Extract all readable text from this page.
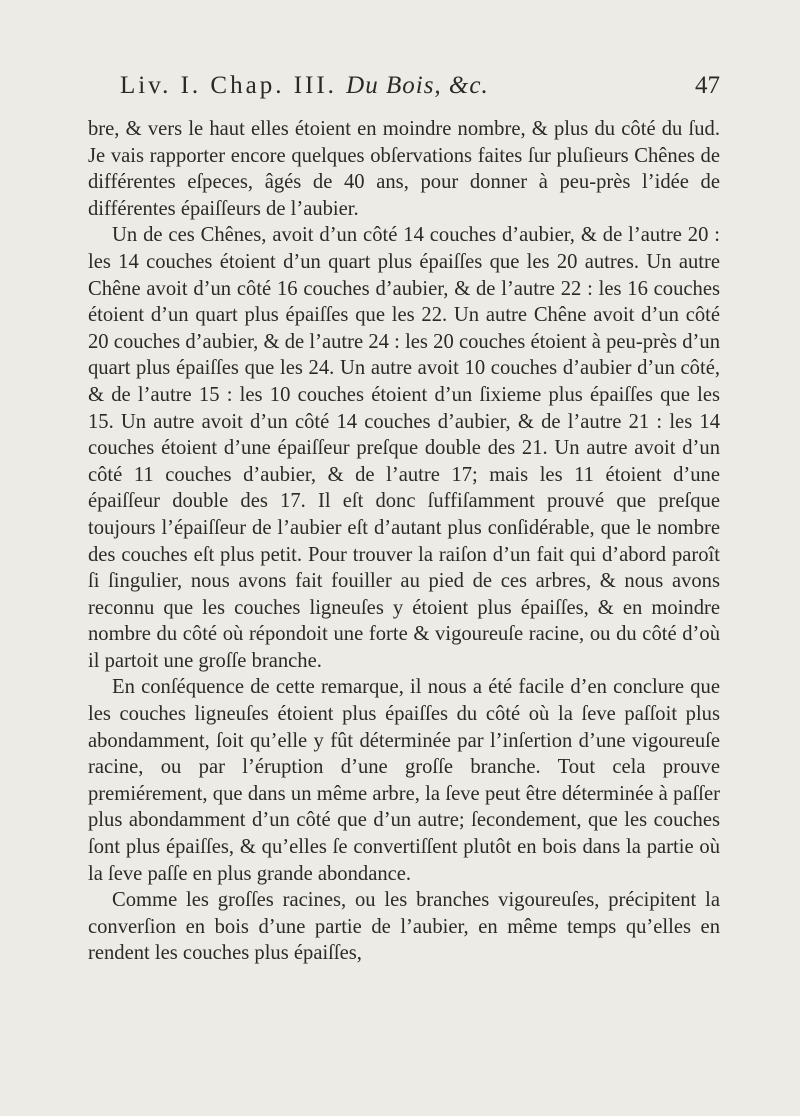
Liv. I. Chap. III. Du Bois, &c.	47

bre, & vers le haut elles étoient en moindre nombre, & plus du côté du ſud. Je vais rapporter encore quelques obſervations faites ſur pluſieurs Chênes de différentes eſpeces, âgés de 40 ans, pour donner à peu-près l’idée de différentes épaiſſeurs de l’aubier.

Un de ces Chênes, avoit d’un côté 14 couches d’aubier, & de l’autre 20 : les 14 couches étoient d’un quart plus épaiſſes que les 20 autres. Un autre Chêne avoit d’un côté 16 couches d’aubier, & de l’autre 22 : les 16 couches étoient d’un quart plus épaiſſes que les 22. Un autre Chêne avoit d’un côté 20 couches d’aubier, & de l’autre 24 : les 20 couches étoient à peu-près d’un quart plus épaiſſes que les 24. Un autre avoit 10 couches d’aubier d’un côté, & de l’autre 15 : les 10 couches étoient d’un ſixieme plus épaiſſes que les 15. Un autre avoit d’un côté 14 couches d’aubier, & de l’autre 21 : les 14 couches étoient d’une épaiſſeur preſque double des 21. Un autre avoit d’un côté 11 couches d’aubier, & de l’autre 17; mais les 11 étoient d’une épaiſſeur double des 17. Il eſt donc ſuffiſamment prouvé que preſque toujours l’épaiſſeur de l’aubier eſt d’autant plus conſidérable, que le nombre des couches eſt plus petit. Pour trouver la raiſon d’un fait qui d’abord paroît ſi ſingulier, nous avons fait fouiller au pied de ces arbres, & nous avons reconnu que les couches ligneuſes y étoient plus épaiſſes, & en moindre nombre du côté où répondoit une forte & vigoureuſe racine, ou du côté d’où il partoit une groſſe branche.

En conſéquence de cette remarque, il nous a été facile d’en conclure que les couches ligneuſes étoient plus épaiſſes du côté où la ſeve paſſoit plus abondamment, ſoit qu’elle y fût déterminée par l’inſertion d’une vigoureuſe racine, ou par l’éruption d’une groſſe branche. Tout cela prouve premiérement, que dans un même arbre, la ſeve peut être déterminée à paſſer plus abondamment d’un côté que d’un autre; ſecondement, que les couches ſont plus épaiſſes, & qu’elles ſe convertiſſent plutôt en bois dans la partie où la ſeve paſſe en plus grande abondance.

Comme les groſſes racines, ou les branches vigoureuſes, précipitent la converſion en bois d’une partie de l’aubier, en même temps qu’elles en rendent les couches plus épaiſſes,
